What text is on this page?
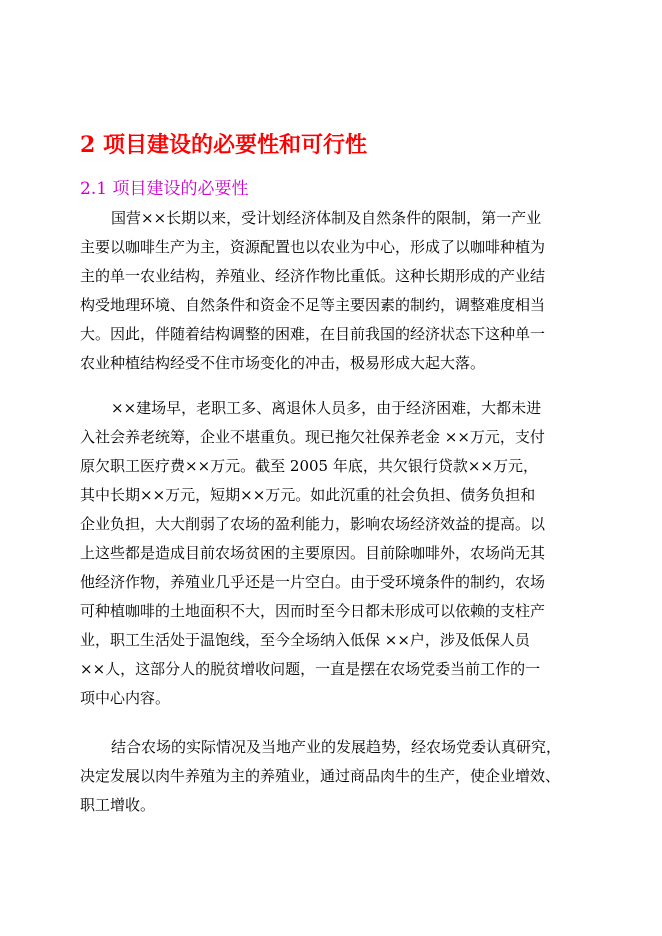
2 项目建设的必要性和可行性
2.1 项目建设的必要性
国营××长期以来，受计划经济体制及自然条件的限制，第一产业
主要以咖啡生产为主，资源配置也以农业为中心，形成了以咖啡种植为
主的单一农业结构，养殖业、经济作物比重低。这种长期形成的产业结
构受地理环境、自然条件和资金不足等主要因素的制约，调整难度相当
大。因此，伴随着结构调整的困难，在目前我国的经济状态下这种单一
农业种植结构经受不住市场变化的冲击，极易形成大起大落。
××建场早，老职工多、离退休人员多，由于经济困难，大都未进
入社会养老统筹，企业不堪重负。现已拖欠社保养老金 ××万元，支付
原欠职工医疗费××万元。截至 2005 年底，共欠银行贷款××万元，
其中长期××万元，短期××万元。如此沉重的社会负担、债务负担和
企业负担，大大削弱了农场的盈利能力，影响农场经济效益的提高。以
上这些都是造成目前农场贫困的主要原因。目前除咖啡外，农场尚无其
他经济作物，养殖业几乎还是一片空白。由于受环境条件的制约，农场
可种植咖啡的土地面积不大，因而时至今日都未形成可以依赖的支柱产
业，职工生活处于温饱线，至今全场纳入低保 ××户，涉及低保人员
××人，这部分人的脱贫增收问题，一直是摆在农场党委当前工作的一
项中心内容。
结合农场的实际情况及当地产业的发展趋势，经农场党委认真研究，
决定发展以肉牛养殖为主的养殖业，通过商品肉牛的生产，使企业增效、
职工增收。
